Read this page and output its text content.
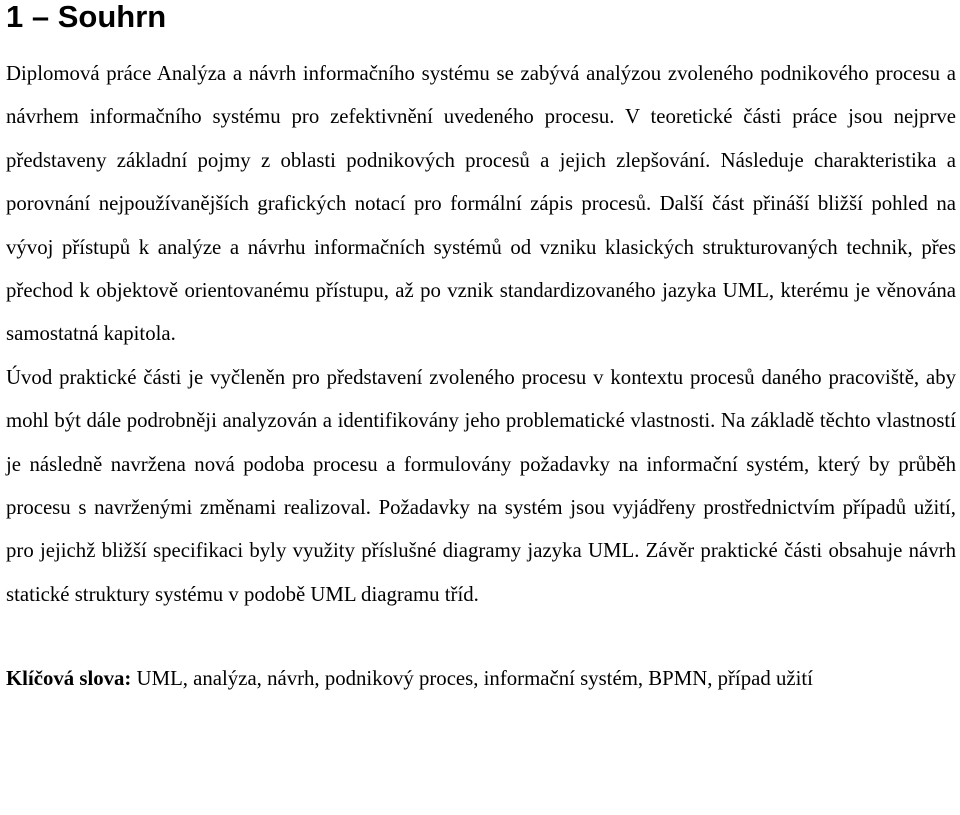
1 – Souhrn

Diplomová práce Analýza a návrh informačního systému se zabývá analýzou zvoleného podnikového procesu a návrhem informačního systému pro zefektivnění uvedeného procesu. V teoretické části práce jsou nejprve představeny základní pojmy z oblasti podnikových procesů a jejich zlepšování. Následuje charakteristika a porovnání nejpoužívanějších grafických notací pro formální zápis procesů. Další část přináší bližší pohled na vývoj přístupů k analýze a návrhu informačních systémů od vzniku klasických strukturovaných technik, přes přechod k objektově orientovanému přístupu, až po vznik standardizovaného jazyka UML, kterému je věnována samostatná kapitola.

Úvod praktické části je vyčleněn pro představení zvoleného procesu v kontextu procesů daného pracoviště, aby mohl být dále podrobněji analyzován a identifikovány jeho problematické vlastnosti. Na základě těchto vlastností je následně navržena nová podoba procesu a formulovány požadavky na informační systém, který by průběh procesu s navrženými změnami realizoval. Požadavky na systém jsou vyjádřeny prostřednictvím případů užití, pro jejichž bližší specifikaci byly využity příslušné diagramy jazyka UML. Závěr praktické části obsahuje návrh statické struktury systému v podobě UML diagramu tříd.

Klíčová slova: UML, analýza, návrh, podnikový proces, informační systém, BPMN, případ užití
